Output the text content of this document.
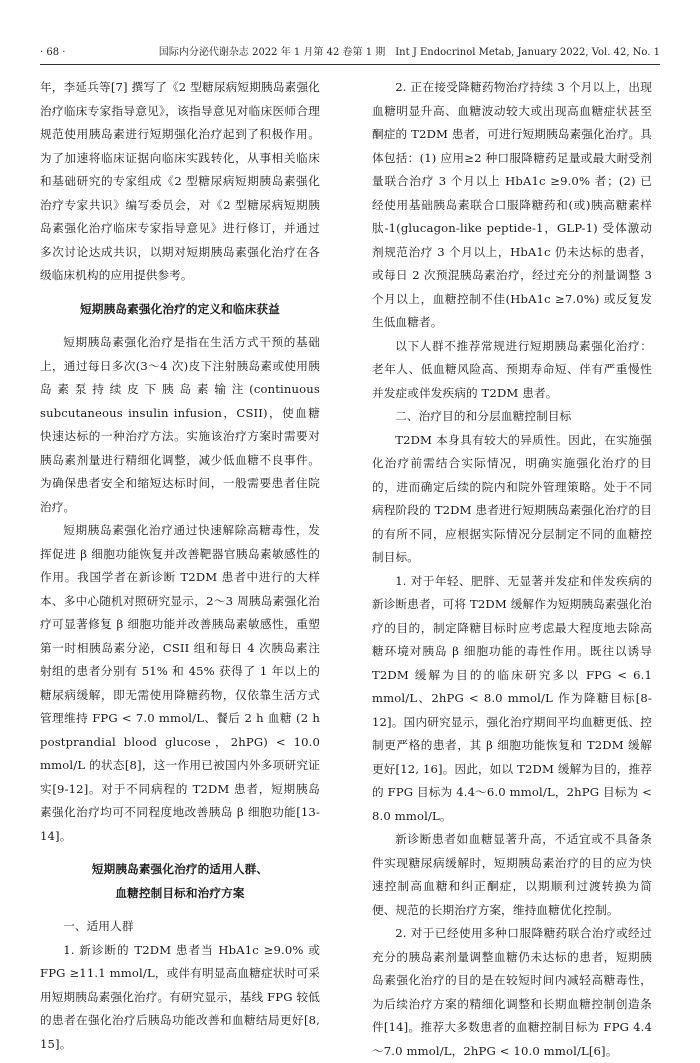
· 68 ·	国际内分泌代谢杂志 2022 年 1 月第 42 卷第 1 期　Int J Endocrinol Metab, January 2022, Vol. 42, No. 1

年，李延兵等[7] 撰写了《2 型糖尿病短期胰岛素强化治疗临床专家指导意见》，该指导意见对临床医师合理规范使用胰岛素进行短期强化治疗起到了积极作用。为了加速将临床证据向临床实践转化，从事相关临床和基础研究的专家组成《2 型糖尿病短期胰岛素强化治疗专家共识》编写委员会，对《2 型糖尿病短期胰岛素强化治疗临床专家指导意见》进行修订，并通过多次讨论达成共识，以期对短期胰岛素强化治疗在各级临床机构的应用提供参考。

短期胰岛素强化治疗的定义和临床获益

短期胰岛素强化治疗是指在生活方式干预的基础上，通过每日多次(3～4 次)皮下注射胰岛素或使用胰岛素泵持续皮下胰岛素输注(continuous subcutaneous insulin infusion，CSII)，使血糖快速达标的一种治疗方法。实施该治疗方案时需要对胰岛素剂量进行精细化调整，减少低血糖不良事件。为确保患者安全和缩短达标时间，一般需要患者住院治疗。

短期胰岛素强化治疗通过快速解除高糖毒性，发挥促进 β 细胞功能恢复并改善靶器官胰岛素敏感性的作用。我国学者在新诊断 T2DM 患者中进行的大样本、多中心随机对照研究显示，2～3 周胰岛素强化治疗可显著修复 β 细胞功能并改善胰岛素敏感性，重塑第一时相胰岛素分泌，CSII 组和每日 4 次胰岛素注射组的患者分别有 51% 和 45% 获得了 1 年以上的糖尿病缓解，即无需使用降糖药物，仅依靠生活方式管理维持 FPG < 7.0 mmol/L、餐后 2 h 血糖 (2 h postprandial blood glucose，2hPG) < 10.0 mmol/L 的状态[8]，这一作用已被国内外多项研究证实[9-12]。对于不同病程的 T2DM 患者，短期胰岛素强化治疗均可不同程度地改善胰岛 β 细胞功能[13-14]。

短期胰岛素强化治疗的适用人群、
血糖控制目标和治疗方案

一、适用人群

1. 新诊断的 T2DM 患者当 HbA1c ≥9.0% 或 FPG ≥11.1 mmol/L，或伴有明显高血糖症状时可采用短期胰岛素强化治疗。有研究显示，基线 FPG 较低的患者在强化治疗后胰岛功能改善和血糖结局更好[8, 15]。

2. 正在接受降糖药物治疗持续 3 个月以上，出现血糖明显升高、血糖波动较大或出现高血糖症状甚至酮症的 T2DM 患者，可进行短期胰岛素强化治疗。具体包括：(1) 应用≥2 种口服降糖药足量或最大耐受剂量联合治疗 3 个月以上 HbA1c ≥9.0% 者；(2) 已经使用基础胰岛素联合口服降糖药和(或)胰高糖素样肽-1(glucagon-like peptide-1，GLP-1) 受体激动剂规范治疗 3 个月以上，HbA1c 仍未达标的患者，或每日 2 次预混胰岛素治疗，经过充分的剂量调整 3 个月以上，血糖控制不佳(HbA1c ≥7.0%) 或反复发生低血糖者。

以下人群不推荐常规进行短期胰岛素强化治疗：老年人、低血糖风险高、预期寿命短、伴有严重慢性并发症或伴发疾病的 T2DM 患者。

二、治疗目的和分层血糖控制目标

T2DM 本身具有较大的异质性。因此，在实施强化治疗前需结合实际情况，明确实施强化治疗的目的，进而确定后续的院内和院外管理策略。处于不同病程阶段的 T2DM 患者进行短期胰岛素强化治疗的目的有所不同，应根据实际情况分层制定不同的血糖控制目标。

1. 对于年轻、肥胖、无显著并发症和伴发疾病的新诊断患者，可将 T2DM 缓解作为短期胰岛素强化治疗的目的，制定降糖目标时应考虑最大程度地去除高糖环境对胰岛 β 细胞功能的毒性作用。既往以诱导 T2DM 缓解为目的的临床研究多以 FPG < 6.1 mmol/L、2hPG < 8.0 mmol/L 作为降糖目标[8-12]。国内研究显示，强化治疗期间平均血糖更低、控制更严格的患者，其 β 细胞功能恢复和 T2DM 缓解更好[12, 16]。因此，如以 T2DM 缓解为目的，推荐的 FPG 目标为 4.4～6.0 mmol/L，2hPG 目标为 < 8.0 mmol/L。

新诊断患者如血糖显著升高，不适宜或不具备条件实现糖尿病缓解时，短期胰岛素治疗的目的应为快速控制高血糖和纠正酮症，以期顺利过渡转换为简便、规范的长期治疗方案，维持血糖优化控制。

2. 对于已经使用多种口服降糖药联合治疗或经过充分的胰岛素剂量调整血糖仍未达标的患者，短期胰岛素强化治疗的目的是在较短时间内减轻高糖毒性，为后续治疗方案的精细化调整和长期血糖控制创造条件[14]。推荐大多数患者的血糖控制目标为 FPG 4.4～7.0 mmol/L，2hPG < 10.0 mmol/L[6]。
